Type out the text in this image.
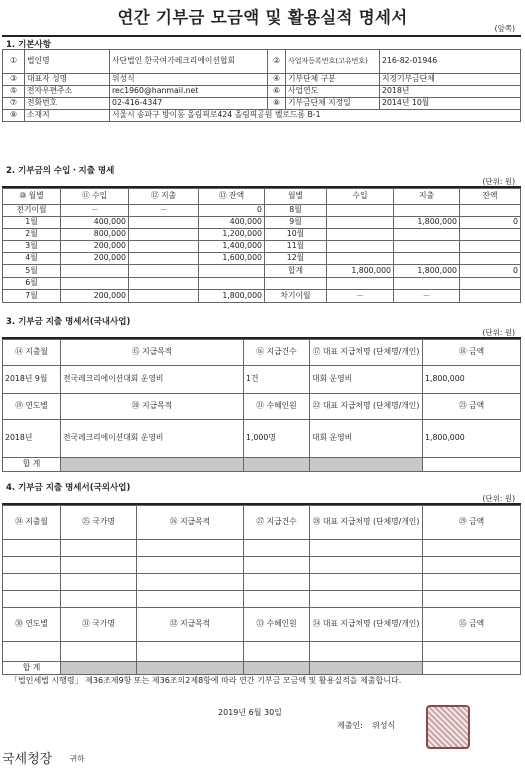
연간 기부금 모금액 및 활용실적 명세서
(앞쪽)
1. 기본사항
①	법인명	사단법인 한국여가레크리에이션협회	②	사업자등록번호(고유번호)	216-82-01946
③	대표자 성명	위성식	④	기부단체 구분	지정기부금단체
⑤	전자우편주소	rec1960@hanmail.net	⑥	사업연도	2018년
⑦	전화번호	02-416-4347	⑧	기부금단체 지정일	2014년 10월
⑨	소재지	서울시 송파구 방이동 올림픽로424 올림픽공원 벨로드롬 B-1			
2. 기부금의 수입ㆍ지출 명세
(단위: 원)
⑩ 월별	⑪ 수입	⑫ 지출	⑬ 잔액	월별	수입	지출	잔액
전기이월	－	－	0	8월			
1월	400,000		400,000	9월		1,800,000	0
2월	800,000		1,200,000	10월			
3월	200,000		1,400,000	11월			
4월	200,000		1,600,000	12월			
5월				합계	1,800,000	1,800,000	0
6월							
7월	200,000		1,800,000	차기이월	－	－	
3. 기부금 지출 명세서(국내사업)
(단위: 원)
⑭ 지출월	⑮ 지급목적	⑯ 지급건수	⑰ 대표 지급처명 (단체명/개인)	⑱ 금액
2018년 9월	전국레크리에이션대회 운영비	1건	대회 운영비	1,800,000
⑲ 연도별	⑳ 지급목적	㉑ 수혜인원	㉒ 대표 지급처명 (단체명/개인)	㉓ 금액
2018년	전국레크리에이션대회 운영비	1,000명	대회 운영비	1,800,000
합 계				
4. 기부금 지출 명세서(국외사업)
(단위: 원)
㉔ 지출월	㉕ 국가명	㉖ 지급목적	㉗ 지급건수	㉘ 대표 지급처명 (단체명/개인)	㉙ 금액

㉚ 연도별	㉛ 국가명	㉜ 지급목적	㉝ 수혜인원	㉞ 대표 지급처명 (단체명/개인)	㉟ 금액

합 계					
「법인세법 시행령」 제36조제9항 또는 제36조의2제8항에 따라 연간 기부금 모금액 및 활용실적을 제출합니다.
2019년 6월 30일
제출인: 위성식
국세청장 귀하
